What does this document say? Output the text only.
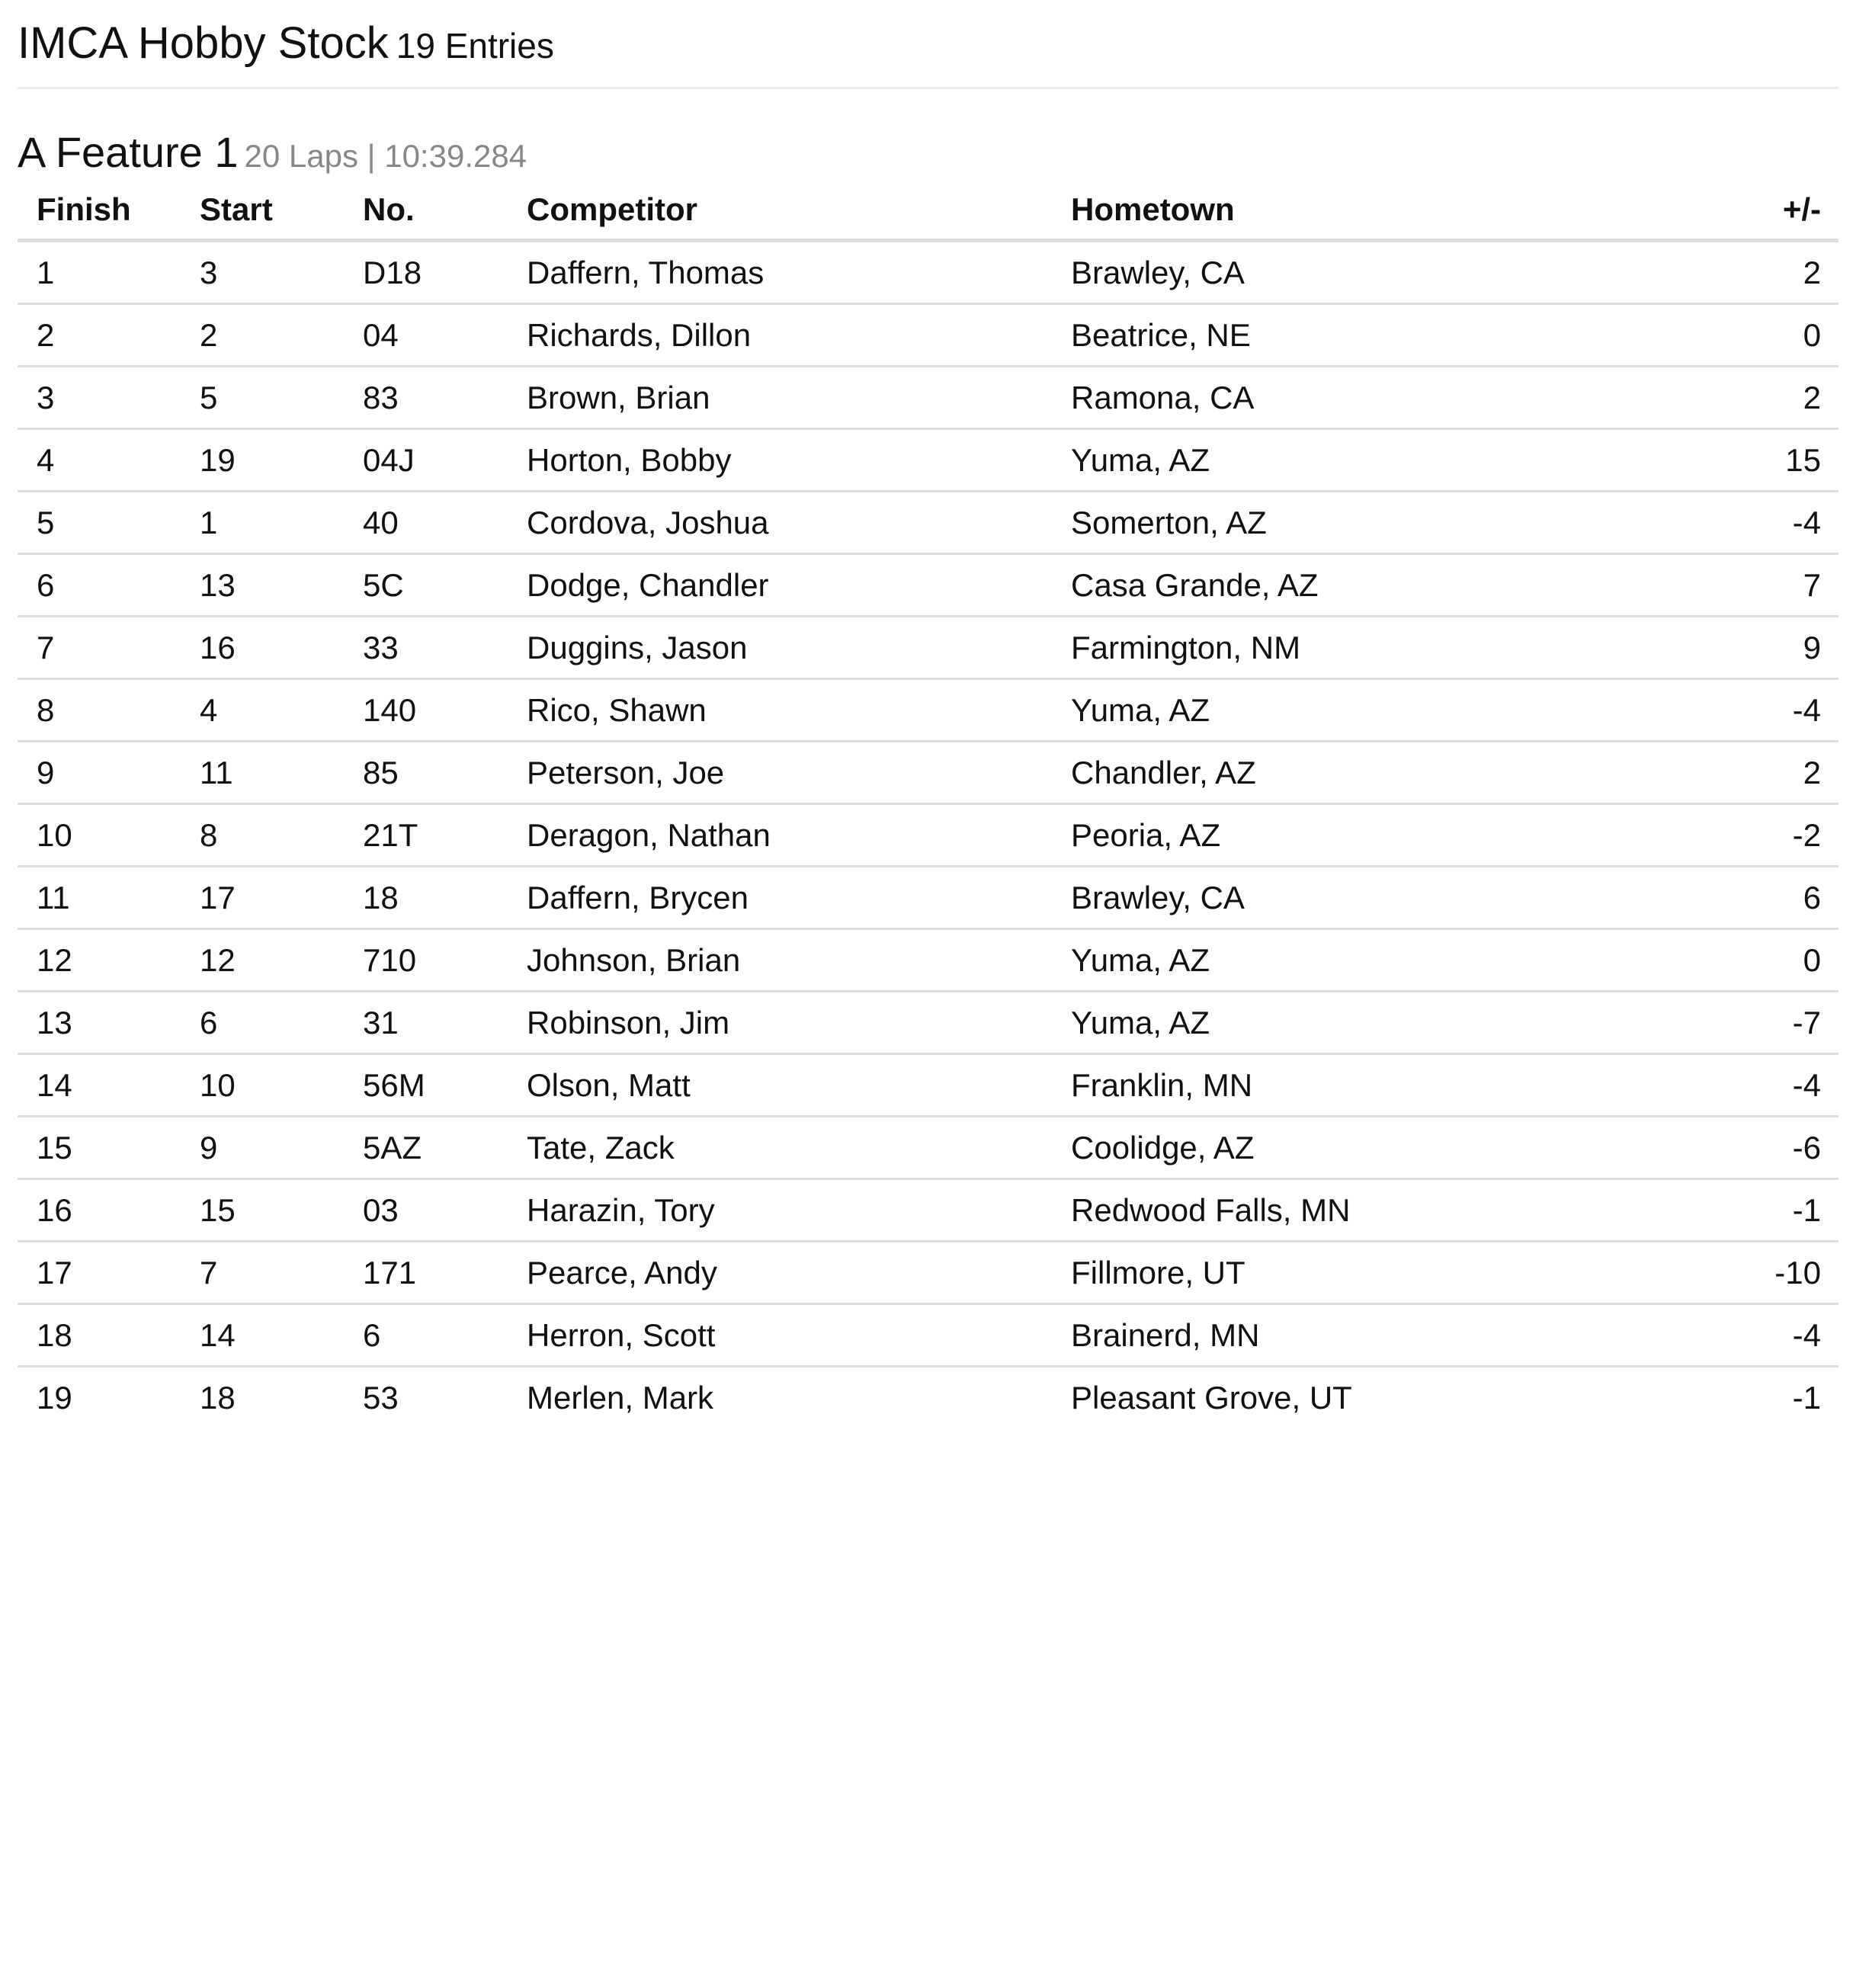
IMCA Hobby Stock 19 Entries
A Feature 1 20 Laps | 10:39.284
Finish	Start	No.	Competitor	Hometown	+/-
1	3	D18	Daffern, Thomas	Brawley, CA	2
2	2	04	Richards, Dillon	Beatrice, NE	0
3	5	83	Brown, Brian	Ramona, CA	2
4	19	04J	Horton, Bobby	Yuma, AZ	15
5	1	40	Cordova, Joshua	Somerton, AZ	-4
6	13	5C	Dodge, Chandler	Casa Grande, AZ	7
7	16	33	Duggins, Jason	Farmington, NM	9
8	4	140	Rico, Shawn	Yuma, AZ	-4
9	11	85	Peterson, Joe	Chandler, AZ	2
10	8	21T	Deragon, Nathan	Peoria, AZ	-2
11	17	18	Daffern, Brycen	Brawley, CA	6
12	12	710	Johnson, Brian	Yuma, AZ	0
13	6	31	Robinson, Jim	Yuma, AZ	-7
14	10	56M	Olson, Matt	Franklin, MN	-4
15	9	5AZ	Tate, Zack	Coolidge, AZ	-6
16	15	03	Harazin, Tory	Redwood Falls, MN	-1
17	7	171	Pearce, Andy	Fillmore, UT	-10
18	14	6	Herron, Scott	Brainerd, MN	-4
19	18	53	Merlen, Mark	Pleasant Grove, UT	-1
